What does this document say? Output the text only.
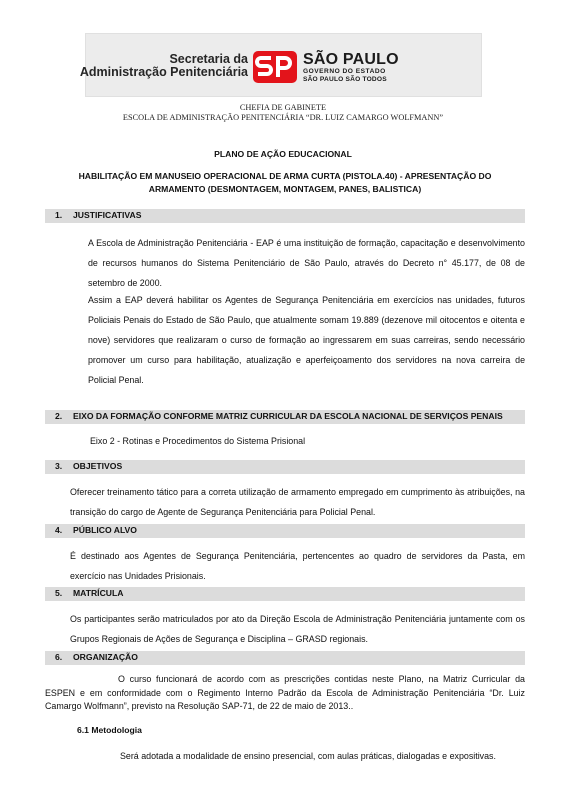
Secretaria da
Administração Penitenciária
SÃO PAULO
GOVERNO DO ESTADO
SÃO PAULO SÃO TODOS
CHEFIA DE GABINETE
ESCOLA DE ADMINISTRAÇÃO PENITENCIÁRIA “DR. LUIZ CAMARGO WOLFMANN”
PLANO DE AÇÃO EDUCACIONAL
HABILITAÇÃO EM MANUSEIO OPERACIONAL DE ARMA CURTA (PISTOLA.40) - APRESENTAÇÃO DO ARMAMENTO (DESMONTAGEM, MONTAGEM, PANES, BALISTICA)
1. JUSTIFICATIVAS
A Escola de Administração Penitenciária - EAP é uma instituição de formação, capacitação e desenvolvimento de recursos humanos do Sistema Penitenciário de São Paulo, através do Decreto n° 45.177, de 08 de setembro de 2000.
Assim a EAP deverá habilitar os Agentes de Segurança Penitenciária em exercícios nas unidades, futuros Policiais Penais do Estado de São Paulo, que atualmente somam 19.889 (dezenove mil oitocentos e oitenta e nove) servidores que realizaram o curso de formação ao ingressarem em suas carreiras, sendo necessário promover um curso para habilitação, atualização e aperfeiçoamento dos servidores na nova carreira de Policial Penal.
2. EIXO DA FORMAÇÃO CONFORME MATRIZ CURRICULAR DA ESCOLA NACIONAL DE SERVIÇOS PENAIS
Eixo 2 - Rotinas e Procedimentos do Sistema Prisional
3. OBJETIVOS
Oferecer treinamento tático para a correta utilização de armamento empregado em cumprimento às atribuições, na transição do cargo de Agente de Segurança Penitenciária para Policial Penal.
4. PÚBLICO ALVO
É destinado aos Agentes de Segurança Penitenciária, pertencentes ao quadro de servidores da Pasta, em exercício nas Unidades Prisionais.
5. MATRÍCULA
Os participantes serão matriculados por ato da Direção Escola de Administração Penitenciária juntamente com os Grupos Regionais de Ações de Segurança e Disciplina – GRASD regionais.
6. ORGANIZAÇÃO
O curso funcionará de acordo com as prescrições contidas neste Plano, na Matriz Curricular da ESPEN e em conformidade com o Regimento Interno Padrão da Escola de Administração Penitenciária “Dr. Luiz Camargo Wolfmann”, previsto na Resolução SAP-71, de 22 de maio de 2013..
6.1 Metodologia
Será adotada a modalidade de ensino presencial, com aulas práticas, dialogadas e expositivas.
